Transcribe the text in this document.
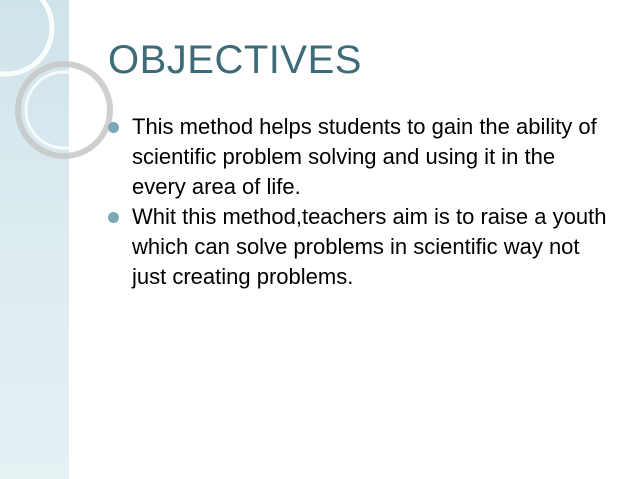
OBJECTIVES
This method helps students to gain the ability of scientific problem solving and using it in the every area of life.
Whit this method,teachers aim is to raise a youth which can solve problems in scientific way not just creating problems.
